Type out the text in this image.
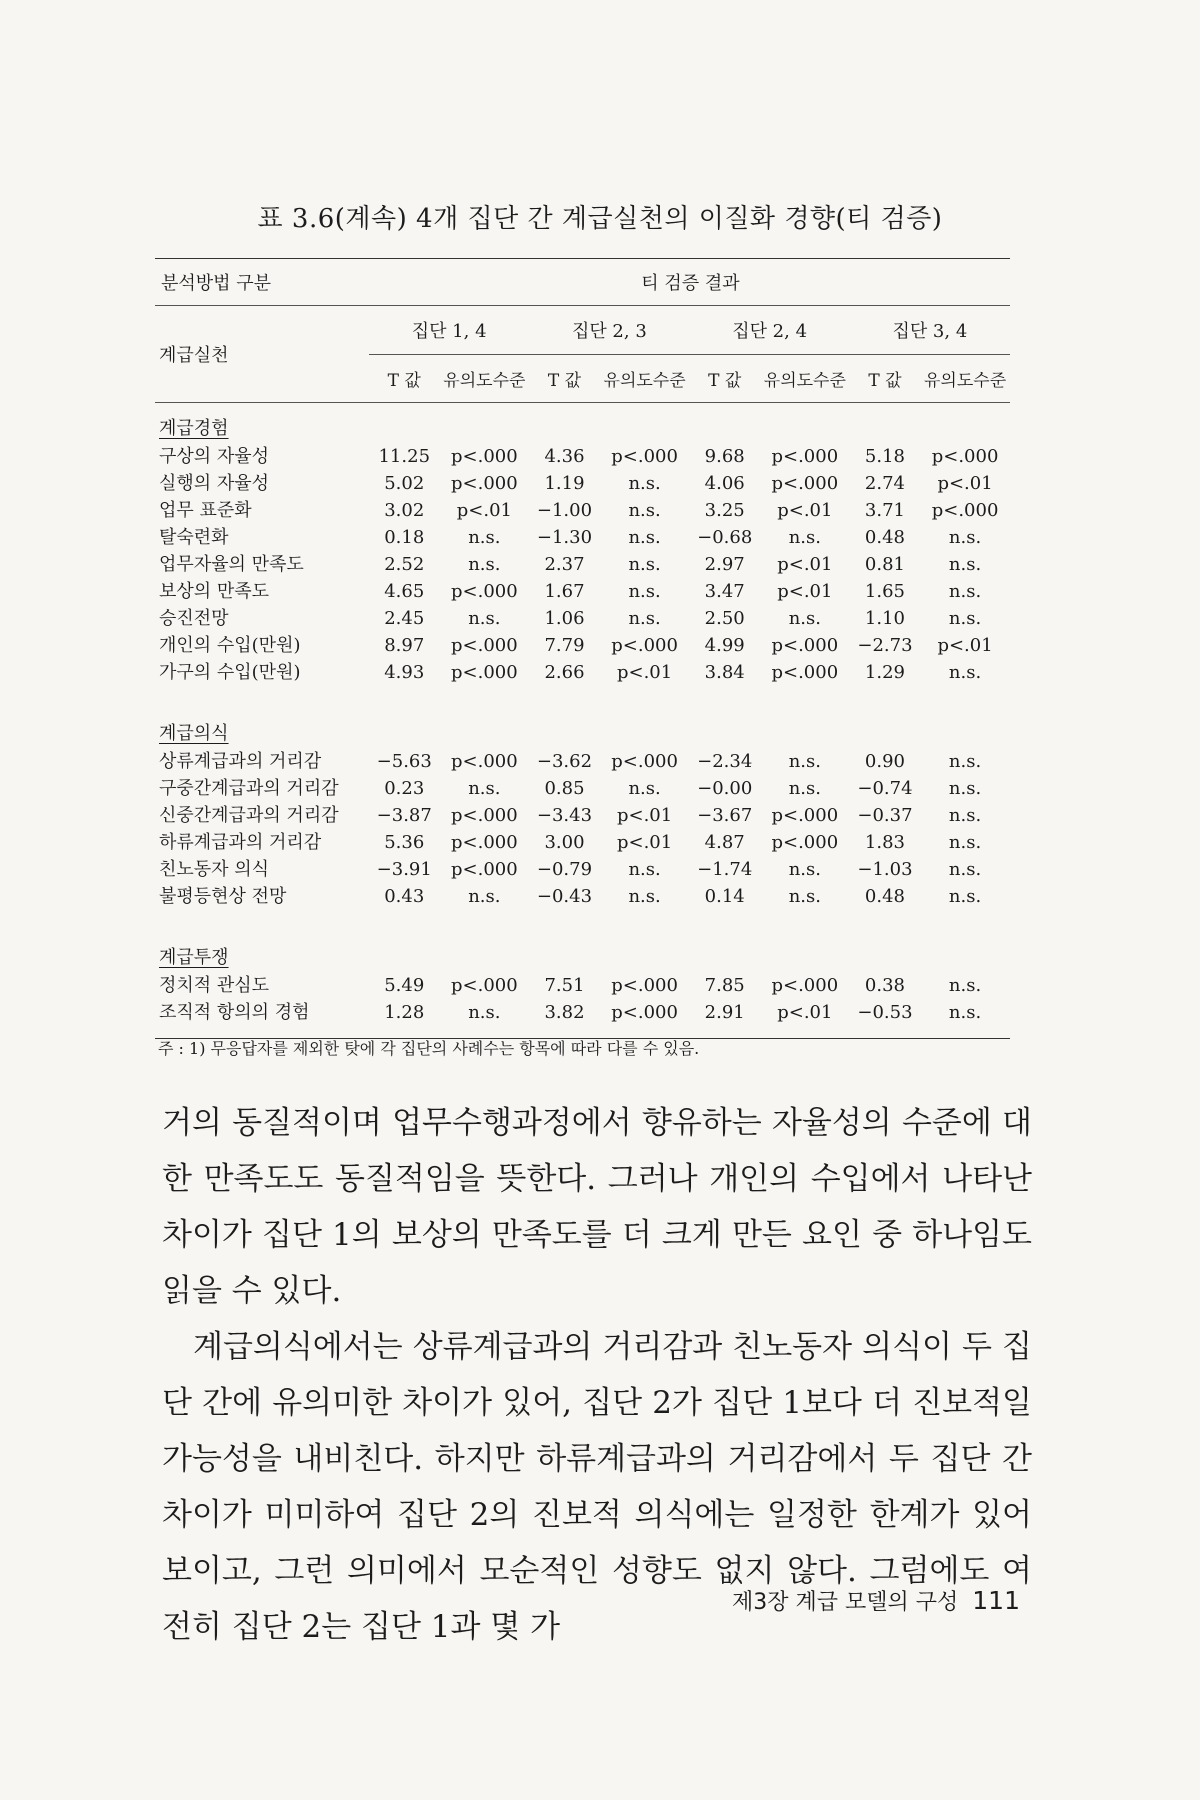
표 3.6(계속) 4개 집단 간 계급실천의 이질화 경향(티 검증)
분석방법 구분	티 검증 결과
계급실천
집단 1, 4	집단 2, 3	집단 2, 4	집단 3, 4
T 값	유의도수준	T 값	유의도수준	T 값	유의도수준	T 값	유의도수준
계급경험
구상의 자율성	11.25	p<.000	4.36	p<.000	9.68	p<.000	5.18	p<.000
실행의 자율성	5.02	p<.000	1.19	n.s.	4.06	p<.000	2.74	p<.01
업무 표준화	3.02	p<.01	−1.00	n.s.	3.25	p<.01	3.71	p<.000
탈숙련화	0.18	n.s.	−1.30	n.s.	−0.68	n.s.	0.48	n.s.
업무자율의 만족도	2.52	n.s.	2.37	n.s.	2.97	p<.01	0.81	n.s.
보상의 만족도	4.65	p<.000	1.67	n.s.	3.47	p<.01	1.65	n.s.
승진전망	2.45	n.s.	1.06	n.s.	2.50	n.s.	1.10	n.s.
개인의 수입(만원)	8.97	p<.000	7.79	p<.000	4.99	p<.000	−2.73	p<.01
가구의 수입(만원)	4.93	p<.000	2.66	p<.01	3.84	p<.000	1.29	n.s.
계급의식
상류계급과의 거리감	−5.63	p<.000	−3.62	p<.000	−2.34	n.s.	0.90	n.s.
구중간계급과의 거리감	0.23	n.s.	0.85	n.s.	−0.00	n.s.	−0.74	n.s.
신중간계급과의 거리감	−3.87	p<.000	−3.43	p<.01	−3.67	p<.000	−0.37	n.s.
하류계급과의 거리감	5.36	p<.000	3.00	p<.01	4.87	p<.000	1.83	n.s.
친노동자 의식	−3.91	p<.000	−0.79	n.s.	−1.74	n.s.	−1.03	n.s.
불평등현상 전망	0.43	n.s.	−0.43	n.s.	0.14	n.s.	0.48	n.s.
계급투쟁
정치적 관심도	5.49	p<.000	7.51	p<.000	7.85	p<.000	0.38	n.s.
조직적 항의의 경험	1.28	n.s.	3.82	p<.000	2.91	p<.01	−0.53	n.s.
주 : 1) 무응답자를 제외한 탓에 각 집단의 사례수는 항목에 따라 다를 수 있음.

거의 동질적이며 업무수행과정에서 향유하는 자율성의 수준에 대한 만족도도 동질적임을 뜻한다. 그러나 개인의 수입에서 나타난 차이가 집단 1의 보상의 만족도를 더 크게 만든 요인 중 하나임도 읽을 수 있다.

계급의식에서는 상류계급과의 거리감과 친노동자 의식이 두 집단 간에 유의미한 차이가 있어, 집단 2가 집단 1보다 더 진보적일 가능성을 내비친다. 하지만 하류계급과의 거리감에서 두 집단 간 차이가 미미하여 집단 2의 진보적 의식에는 일정한 한계가 있어 보이고, 그런 의미에서 모순적인 성향도 없지 않다. 그럼에도 여전히 집단 2는 집단 1과 몇 가

제3장 계급 모델의 구성 111
